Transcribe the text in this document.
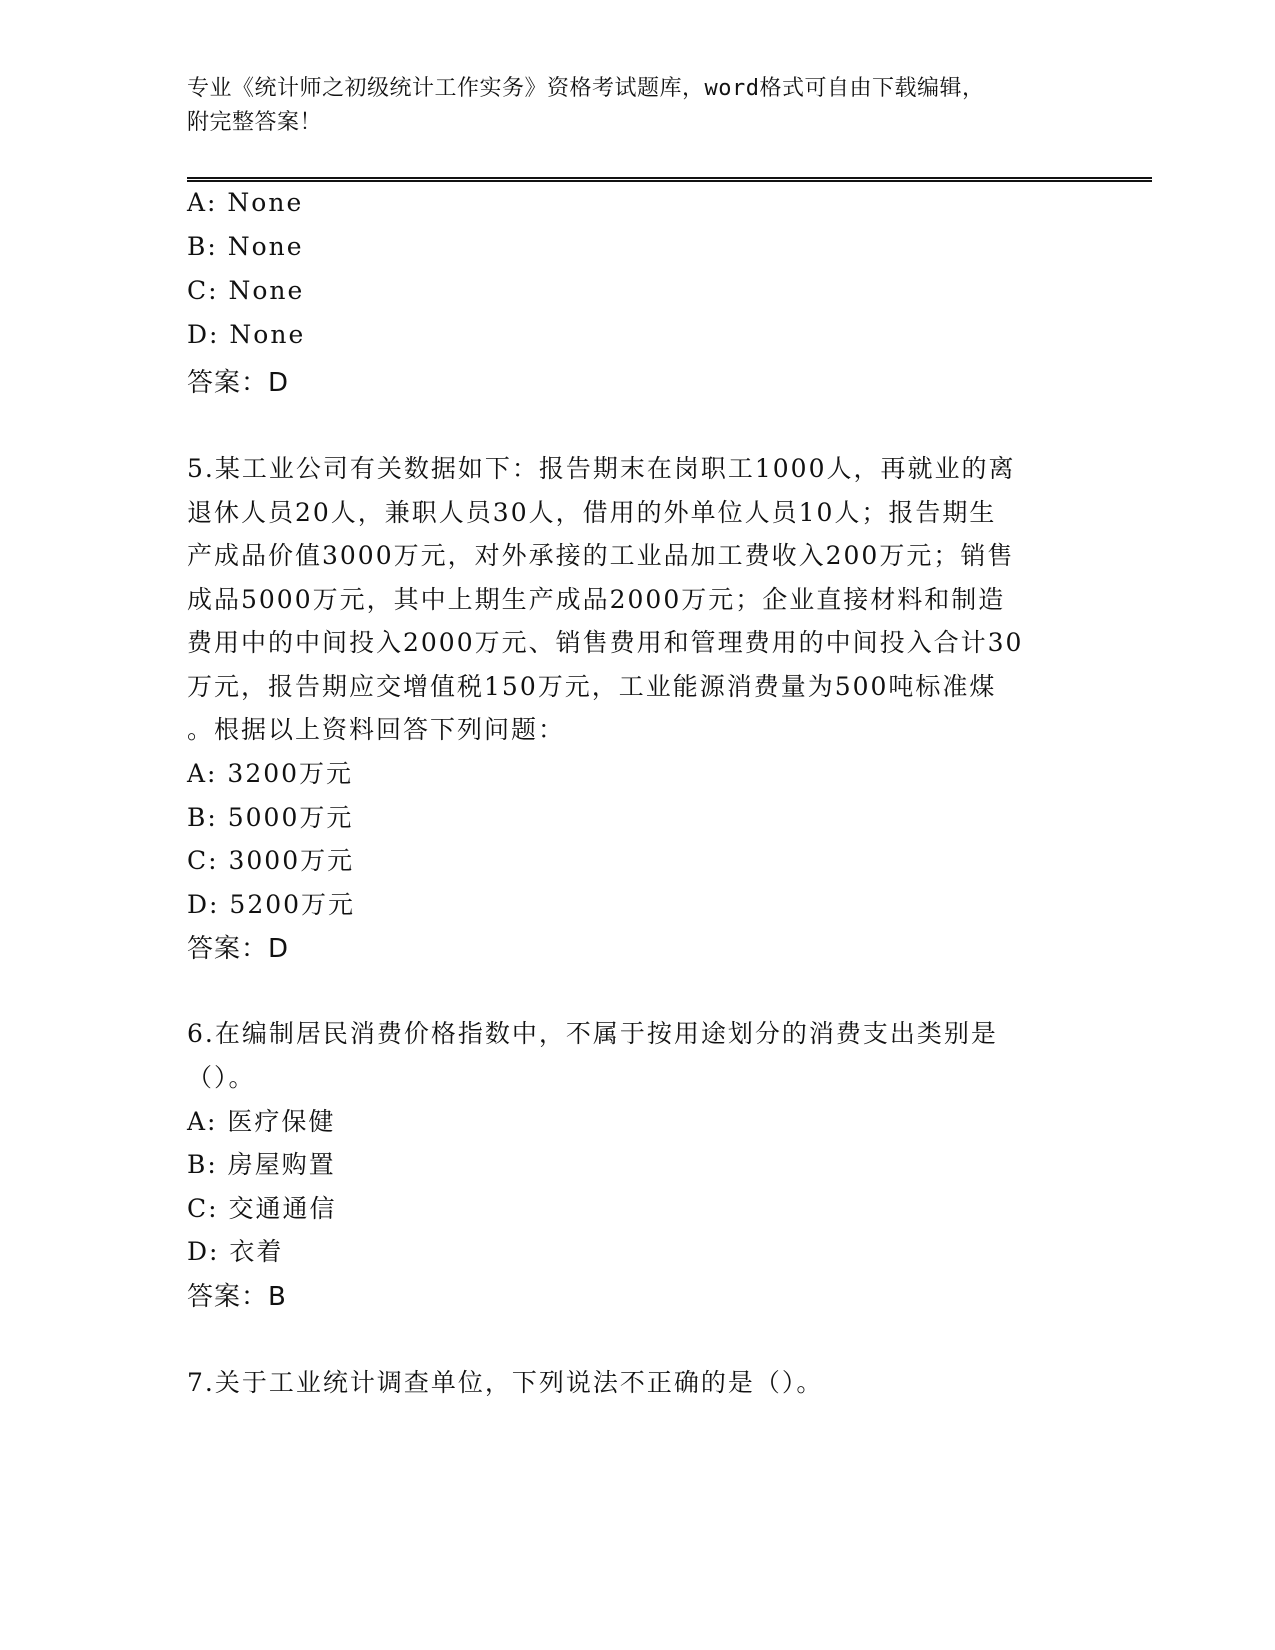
专业《统计师之初级统计工作实务》资格考试题库，word格式可自由下载编辑，
附完整答案！
A: None
B: None
C: None
D: None
答案：D
5.某工业公司有关数据如下：报告期末在岗职工1000人，再就业的离
退休人员20人，兼职人员30人，借用的外单位人员10人；报告期生
产成品价值3000万元，对外承接的工业品加工费收入200万元；销售
成品5000万元，其中上期生产成品2000万元；企业直接材料和制造
费用中的中间投入2000万元、销售费用和管理费用的中间投入合计30
万元，报告期应交增值税150万元，工业能源消费量为500吨标准煤
。根据以上资料回答下列问题：
A: 3200万元
B: 5000万元
C: 3000万元
D: 5200万元
答案：D
6.在编制居民消费价格指数中，不属于按用途划分的消费支出类别是
（）。
A: 医疗保健
B: 房屋购置
C: 交通通信
D: 衣着
答案：B
7.关于工业统计调查单位，下列说法不正确的是（）。
